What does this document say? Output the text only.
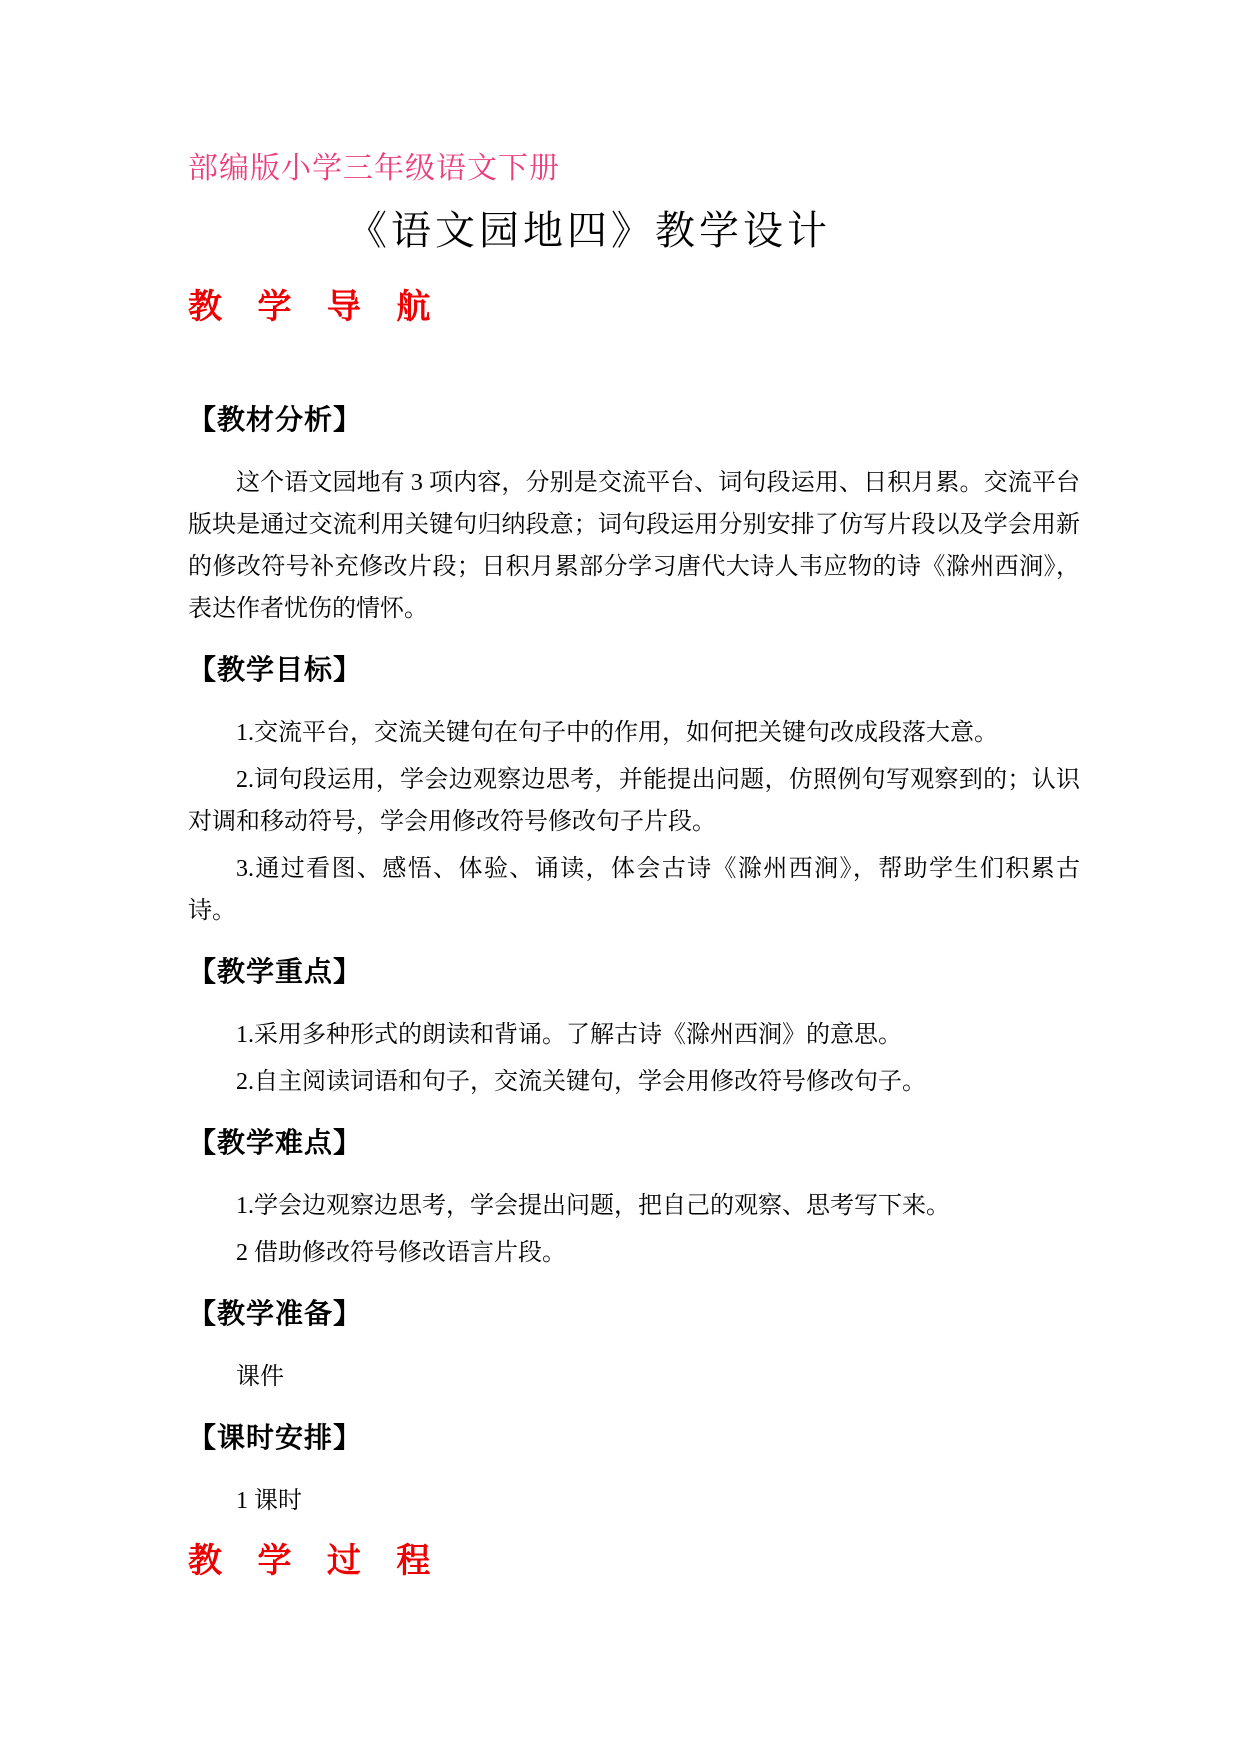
部编版小学三年级语文下册
《语文园地四》教学设计
教 学 导 航
【教材分析】

这个语文园地有 3 项内容，分别是交流平台、词句段运用、日积月累。交流平台版块是通过交流利用关键句归纳段意；词句段运用分别安排了仿写片段以及学会用新的修改符号补充修改片段；日积月累部分学习唐代大诗人韦应物的诗《滁州西涧》，表达作者忧伤的情怀。

【教学目标】

1.交流平台，交流关键句在句子中的作用，如何把关键句改成段落大意。

2.词句段运用，学会边观察边思考，并能提出问题，仿照例句写观察到的；认识对调和移动符号，学会用修改符号修改句子片段。

3.通过看图、感悟、体验、诵读，体会古诗《滁州西涧》，帮助学生们积累古诗。

【教学重点】

1.采用多种形式的朗读和背诵。了解古诗《滁州西涧》的意思。

2.自主阅读词语和句子，交流关键句，学会用修改符号修改句子。

【教学难点】

1.学会边观察边思考，学会提出问题，把自己的观察、思考写下来。

2 借助修改符号修改语言片段。

【教学准备】

课件

【课时安排】

1 课时

教 学 过 程
